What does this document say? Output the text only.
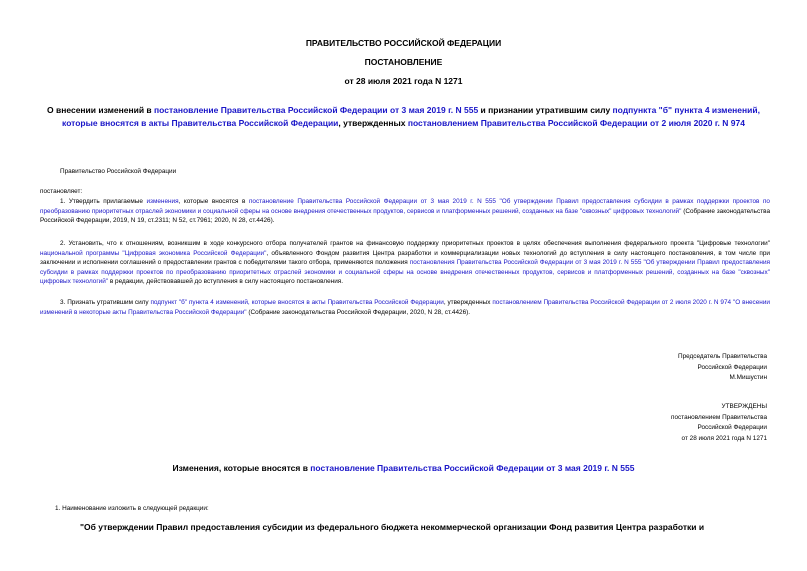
ПРАВИТЕЛЬСТВО РОССИЙСКОЙ ФЕДЕРАЦИИ
ПОСТАНОВЛЕНИЕ
от 28 июля 2021 года N 1271
О внесении изменений в постановление Правительства Российской Федерации от 3 мая 2019 г. N 555 и признании утратившим силу подпункта "б" пункта 4 изменений, которые вносятся в акты Правительства Российской Федерации, утвержденных постановлением Правительства Российской Федерации от 2 июля 2020 г. N 974
Правительство Российской Федерации
постановляет:

1. Утвердить прилагаемые изменения, которые вносятся в постановление Правительства Российской Федерации от 3 мая 2019 г. N 555 "Об утверждении Правил предоставления субсидии в рамках поддержки проектов по преобразованию приоритетных отраслей экономики и социальной сферы на основе внедрения отечественных продуктов, сервисов и платформенных решений, созданных на базе "сквозных" цифровых технологий" (Собрание законодательства Российской Федерации, 2019, N 19, ст.2311; N 52, ст.7961; 2020, N 28, ст.4426).

2. Установить, что к отношениям, возникшим в ходе конкурсного отбора получателей грантов на финансовую поддержку приоритетных проектов в целях обеспечения выполнения федерального проекта "Цифровые технологии" национальной программы "Цифровая экономика Российской Федерации", объявленного Фондом развития Центра разработки и коммерциализации новых технологий до вступления в силу настоящего постановления, в том числе при заключении и исполнении соглашений о предоставлении грантов с победителями такого отбора, применяются положения постановления Правительства Российской Федерации от 3 мая 2019 г. N 555 "Об утверждении Правил предоставления субсидии в рамках поддержки проектов по преобразованию приоритетных отраслей экономики и социальной сферы на основе внедрения отечественных продуктов, сервисов и платформенных решений, созданных на базе "сквозных" цифровых технологий" в редакции, действовавшей до вступления в силу настоящего постановления.

3. Признать утратившим силу подпункт "б" пункта 4 изменений, которые вносятся в акты Правительства Российской Федерации, утвержденных постановлением Правительства Российской Федерации от 2 июля 2020 г. N 974 "О внесении изменений в некоторые акты Правительства Российской Федерации" (Собрание законодательства Российской Федерации, 2020, N 28, ст.4426).

Председатель Правительства
Российской Федерации
М.Мишустин
УТВЕРЖДЕНЫ
постановлением Правительства
Российской Федерации
от 28 июля 2021 года N 1271
Изменения, которые вносятся в постановление Правительства Российской Федерации от 3 мая 2019 г. N 555
1. Наименование изложить в следующей редакции:
"Об утверждении Правил предоставления субсидии из федерального бюджета некоммерческой организации Фонд развития Центра разработки и
